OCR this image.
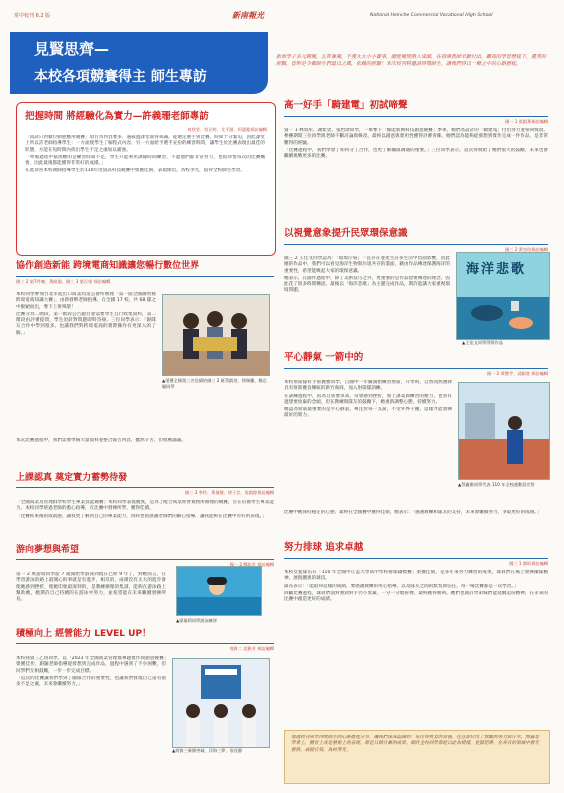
常中校刊 6.2 版	新南報光	National Heinche Commercial Vocational High School
見賢思齊—
本校各項競賽得主 師生專訪
新南學子多元競展，五育兼備，不僅大大小小賽事，總能展現傲人成績，在指導教師辛勤付出，嚴竣的學習歷程下，優秀的經驗，皆對是令鄰師生們最以之風，依賴的經驗！本次校刊特邀請得獎師生，讓我們得以一窺之中的心路歷程。
把握時間 將經驗化為實力—許義珊老師專訪
何欣瑩、詹芷婷、尤平涵、柯惠慈採訪編輯

「資訊只對數位動態應用競賽」項目為內容要多，遇殺過課堂面得知識。從選定選手到比賽，時間十分緊迫，因此課堂上所以許老師指導學生：一方面使學生了解程式內容，另一方面給予選手充份的練習時間，讓學生於比賽表現出最佳的狀態，方能在短時間內找出學生不足之處加以補強。

「準備過程中最困難的是練習時間不足，學生只能利用課餘時間練習，不過他們都非常努力，也很珍惜每次的比賽機會，因此最後都能獲得非常好的成績。」

在此恭喜本校教師指導學生於110年度資訊科技競賽中榮獲佳績，表現傑出，為校爭光，值得全校師生學習。

協作創造新能 跨境電商知識讓您暢行數位世界
國三 2 第7件廣、黃暄瑜、國三 3 第百榮 採訪編輯

本校同學參加台北市進出口商業同業公會所辦理「第一屆全國國貿暨跨境電商知識大賽」，由新發夥老師指導，在全國 17 校、共 68 隊之中脫穎而出，奪下上班殊榮！

比賽分為二階段，第一階段公告題目並需要學生自行收集資料，第二階段由評審提問，學生須針對問題即時答辯。三位同學表示：「跟隊友合作中學到很多，也讓我們對跨境電商的實際操作有更深入的了解。」

▲榮獲全國第三名佳績的國三 2 班蔡凱瑩、徐瑞騰、楊芯穎同學

本次比賽過程中，我們需要準備大量資料並整合報告內容，雖然辛苦，但收穫滿滿。

上課認真 奠定實力蓄勢待發
國三 3 李伶、黃倩樣、徐子芸、詹凱婷採訪編輯

「全國商業及管理群學校學生專業技能競賽」本校同學表現優異，是為了配合商業經營實務所辦理的競賽，旨在培養學生專業能力。本校同學經過老師的悉心指導，在比賽中發揮所學，獲得佳績。

「比賽結束後的成就感，讓我更了解到自己的專業能力，同時也很感謝老師們的細心指導，讓我能夠在比賽中有好的表現。」

游向夢想與希望
國一 2 鄭佑宣 採訪編輯

第一 2 班游瑞同學從 7 歲開始學游泳到現在已經 9 年了，對她而言，在學習游泳的路上最開心的事就是有進步，相反的，成績沒有太大的進步會使她感到挫折，使她印象最深刻的，是教練辦理的集訓，能夠在游泳路上幫助她，她期許自己持續的在游泳中努力，並希望能在未來繼續發揮所長。

▲廖瑜莉同學游泳練習
積極向上 經營能力 LEVEL UP！
商資二 范雅芳 採訪編輯

本校商資三乙班同學，以「2023 年全國商業管理群專題實作與創意競賽」榮獲佳作，跟隨老師指導從發想到完成作品，過程中遇到了不少困難，但同學們互相鼓勵，一步一步完成目標。

「這次的比賽讓我們學到了團隊合作的重要性，也讓我們發現自己還有很多不足之處，未來會繼續努力。」

▲商資三乘勝突破、洋海三夢、詹佳静
高一好手「騎建電」初試啼聲
國一 1 張凱華採訪編輯

資一 1 林羽彤、謝紫萱、張怡歆同學，一舉奪下「綠能新興科技創意競賽」季軍，她們為設計的「騎建電」付出努力並帶回獎項。參賽期間三位同學與老師不斷討論與修改，最終以創意與實用性獲得評審青睞，她們認為能夠從發想到實作完成一件作品，是非常難得的經驗。

「比賽過程中，我們學會了如何分工合作，也更了解團隊溝通的重要。」三位同學表示，這次得獎給了她們很大的鼓勵，未來也會繼續挑戰更多的比賽。

以視覺意象提升民眾環保意識
國三 2 黃皇瑄採訪編輯

國三 2 王佳文同學認為：「環境汙染」一直存在並產生許多生活中負面影響，因此她的作品中，我們可以看見海洋生物與垃圾共存的畫面，藉由作品傳達保護海洋的重要性，希望能喚起大家的環保意識。

她表示，在創作過程中，除了美術技巧之外，更重要的是作品想要傳達的理念，因此花了很多時間構思，最後以「海洋悲歌」為主題完成作品，期許能讓大家重視環境問題。

海洋悲歌
▲王佳文同學得獎作品
平心靜氣 一箭中的
國一 2 黃懷芋、邱穎萱 採訪編輯

本校射箭隊好手蔡麗雅同學，自國中一年級開始練習射箭，升學時，自然而然選擇具有射箭優良傳統的新竹商商，加入射箭隊訓練。

在訓練過程中，因為自我要求高，常會感到挫折，加上課業與練習的壓力，也曾有過想要放棄的念頭，但在教練與隊友的鼓勵下，她重新調整心態，持續努力。

她認為射箭最重要的是平心靜氣，專注於每一支箭，不受外界干擾，這樣才能發揮最好的實力。

▲蔡麗雅同學代表 110 年全校運動員宣誓

比賽中她保持穩定的心態，最終在全國賽中獲得佳績，她表示：「感謝教練和隊友的支持，未來會繼續努力，爭取更好的成績。」

努力排球 追求卓越
國三 1 鄧昕採訪編輯

本校女籃隊伍在「110 年全國中正盃大學高中學校排球錦標賽」榮獲佳績，是多年來努力練習的成果，球員們在場上發揮團隊精神，展現優異的球技。

隊長表示：「能取得這樣的成績，要感謝教練的用心指導，以及隊友之間的默契與信任，每一場比賽都是一次學習。」

回顧比賽過程，球員們面對強勁對手仍不放棄，一分一分地拚搏，最終獲得勝利。她們也期許學弟妹們能延續這份精神，在未來的比賽中創造更好的成績。

透過校刊同學得獎師生的心路歷程分享，讓我們深深認識到：每位得獎者的背後，往往都付出了無數的努力與汗水，無論是學業上、體育上或是藝術上的表現，都是日積月累的成果。期許全校同學都能以此為榜樣，見賢思齊，在各自的領域中發光發熱，成就自我，為校爭光。
